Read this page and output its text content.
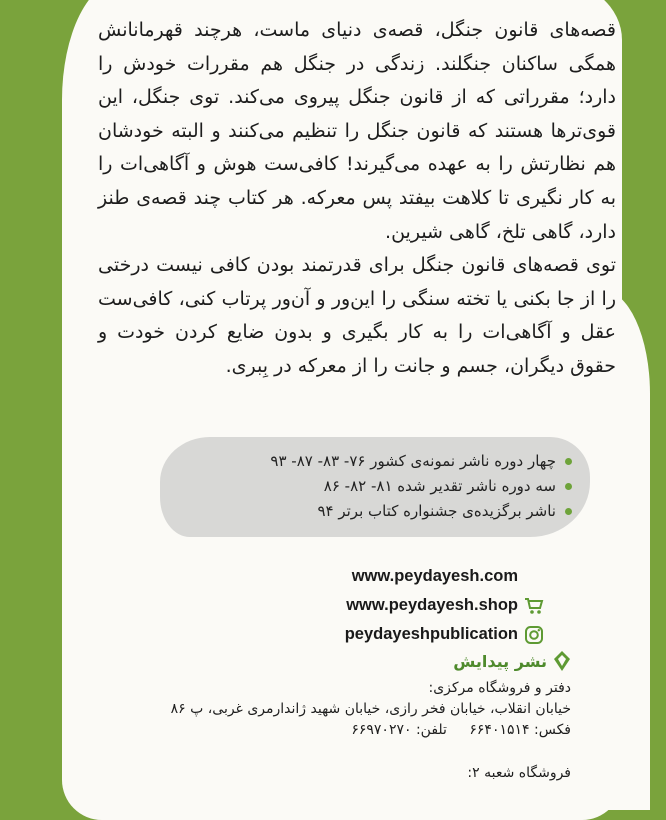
قصه‌های قانون جنگل، قصه‌ی دنیای ماست، هرچند قهرمانانش همگی ساکنان جنگلند. زندگی در جنگل هم مقررات خودش را دارد؛ مقرراتی که از قانون جنگل پیروی می‌کند. توی جنگل، این قوی‌ترها هستند که قانون جنگل را تنظیم می‌کنند و البته خودشان هم نظارتش را به عهده می‌گیرند! کافی‌ست هوش و آگاهی‌ات را به کار نگیری تا کلاهت بیفتد پس معرکه. هر کتاب چند قصه‌ی طنز دارد، گاهی تلخ، گاهی شیرین.

توی قصه‌های قانون جنگل برای قدرتمند بودن کافی نیست درختی را از جا بکنی یا تخته سنگی را این‌ور و آن‌ور پرتاب کنی، کافی‌ست عقل و آگاهی‌ات را به کار بگیری و بدون ضایع کردن خودت و حقوق دیگران، جسم و جانت را از معرکه در بِبری.

چهار دوره ناشر نمونه‌ی کشور ۷۶- ۸۳- ۸۷- ۹۳
سه دوره ناشر تقدیر شده ۸۱- ۸۲- ۸۶
ناشر برگزیده‌ی جشنواره کتاب برتر ۹۴
www.peydayesh.com
www.peydayesh.shop
peydayeshpublication
نشر پیدایش
دفتر و فروشگاه مرکزی:
خیابان انقلاب، خیابان فخر رازی، خیابان شهید ژاندارمری غربی، پ ۸۶
فکس: ۶۶۴۰۱۵۱۴ تلفن: ۶۶۹۷۰۲۷۰
فروشگاه شعبه ۲:
